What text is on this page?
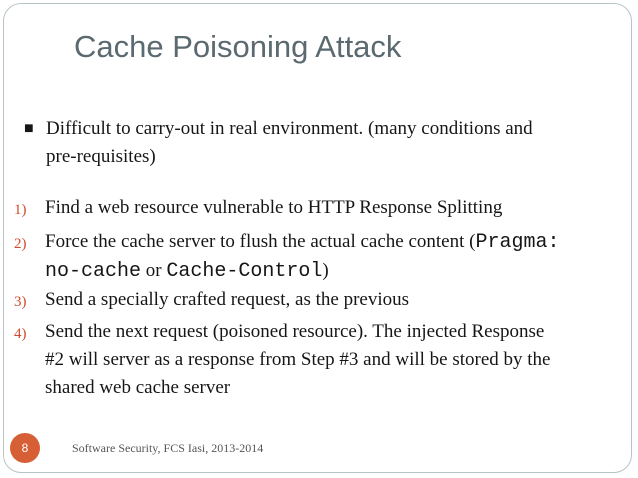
Cache Poisoning Attack
■ Difficult to carry-out in real environment. (many conditions and
pre-requisites)
1) Find a web resource vulnerable to HTTP Response Splitting
2) Force the cache server to flush the actual cache content (Pragma:
no-cache or Cache-Control)
3) Send a specially crafted request, as the previous
4) Send the next request (poisoned resource). The injected Response
#2 will server as a response from Step #3 and will be stored by the
shared web cache server
8	Software Security, FCS Iasi, 2013-2014
